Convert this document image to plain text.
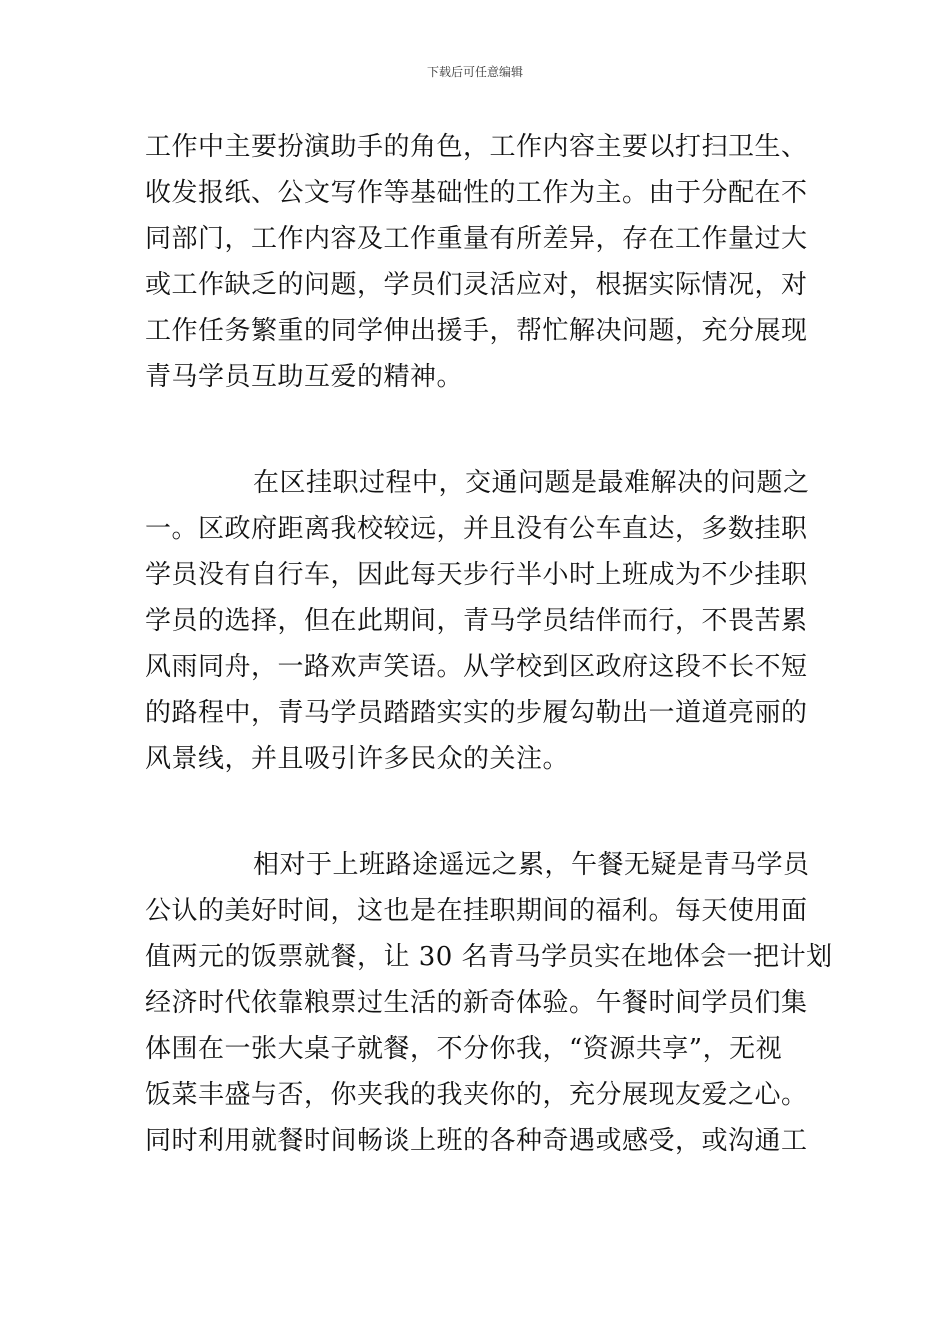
下载后可任意编辑

工作中主要扮演助手的角色，工作内容主要以打扫卫生、
收发报纸、公文写作等基础性的工作为主。由于分配在不
同部门，工作内容及工作重量有所差异，存在工作量过大
或工作缺乏的问题，学员们灵活应对，根据实际情况，对
工作任务繁重的同学伸出援手，帮忙解决问题，充分展现
青马学员互助互爱的精神。

在区挂职过程中，交通问题是最难解决的问题之
一。区政府距离我校较远，并且没有公车直达，多数挂职
学员没有自行车，因此每天步行半小时上班成为不少挂职
学员的选择，但在此期间，青马学员结伴而行，不畏苦累
风雨同舟，一路欢声笑语。从学校到区政府这段不长不短
的路程中，青马学员踏踏实实的步履勾勒出一道道亮丽的
风景线，并且吸引许多民众的关注。

相对于上班路途遥远之累，午餐无疑是青马学员
公认的美好时间，这也是在挂职期间的福利。每天使用面
值两元的饭票就餐，让 30 名青马学员实在地体会一把计划
经济时代依靠粮票过生活的新奇体验。午餐时间学员们集
体围在一张大桌子就餐，不分你我，“资源共享”，无视
饭菜丰盛与否，你夹我的我夹你的，充分展现友爱之心。
同时利用就餐时间畅谈上班的各种奇遇或感受，或沟通工
